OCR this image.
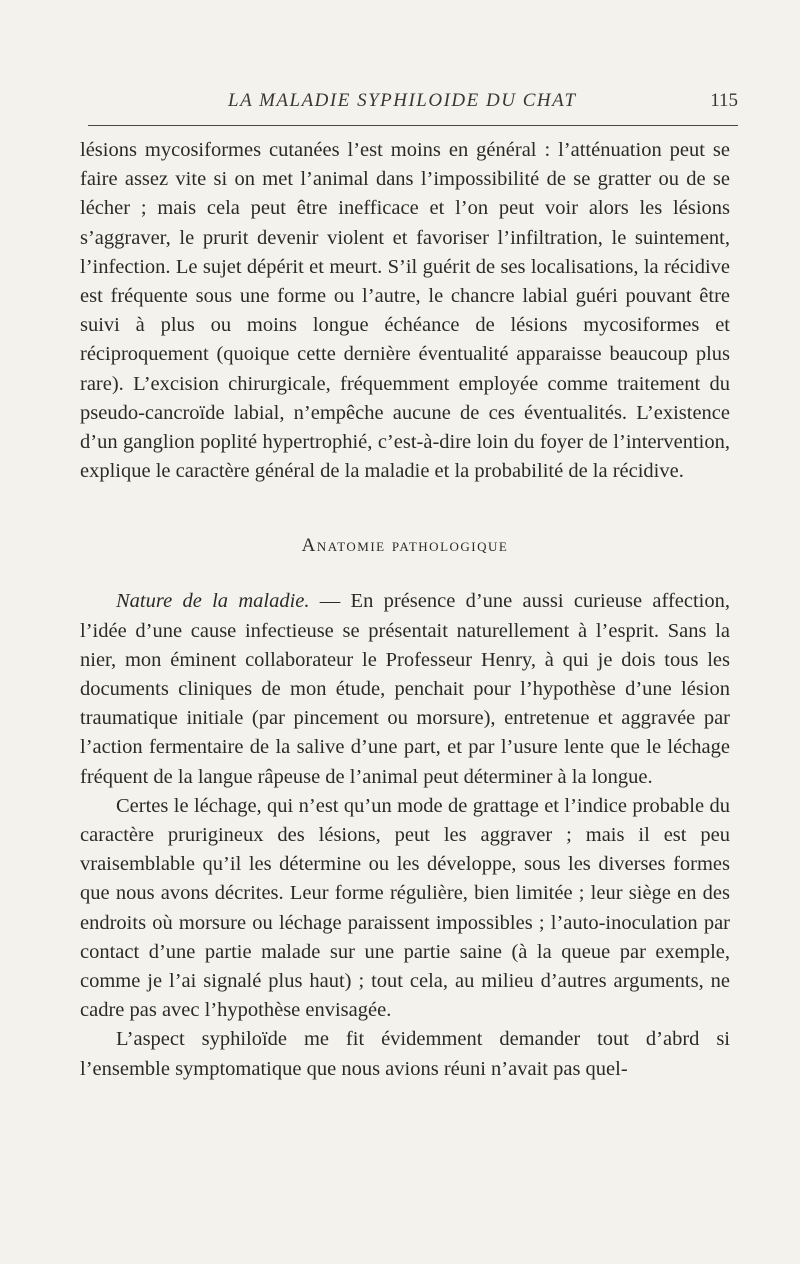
LA MALADIE SYPHILOIDE DU CHAT	115

lésions mycosiformes cutanées l’est moins en général : l’atténuation peut se faire assez vite si on met l’animal dans l’impossibilité de se gratter ou de se lécher ; mais cela peut être inefficace et l’on peut voir alors les lésions s’aggraver, le prurit devenir violent et favoriser l’infiltration, le suintement, l’infection. Le sujet dépérit et meurt. S’il guérit de ses localisations, la récidive est fréquente sous une forme ou l’autre, le chancre labial guéri pouvant être suivi à plus ou moins longue échéance de lésions mycosiformes et réciproquement (quoique cette dernière éventualité apparaisse beaucoup plus rare). L’excision chirurgicale, fréquemment employée comme traitement du pseudo-cancroïde labial, n’empêche aucune de ces éventualités. L’existence d’un ganglion poplité hypertrophié, c’est-à-dire loin du foyer de l’intervention, explique le caractère général de la maladie et la probabilité de la récidive.

Anatomie pathologique

Nature de la maladie. — En présence d’une aussi curieuse affection, l’idée d’une cause infectieuse se présentait naturellement à l’esprit. Sans la nier, mon éminent collaborateur le Professeur Henry, à qui je dois tous les documents cliniques de mon étude, penchait pour l’hypothèse d’une lésion traumatique initiale (par pincement ou morsure), entretenue et aggravée par l’action fermentaire de la salive d’une part, et par l’usure lente que le léchage fréquent de la langue râpeuse de l’animal peut déterminer à la longue.

Certes le léchage, qui n’est qu’un mode de grattage et l’indice probable du caractère prurigineux des lésions, peut les aggraver ; mais il est peu vraisemblable qu’il les détermine ou les développe, sous les diverses formes que nous avons décrites. Leur forme régulière, bien limitée ; leur siège en des endroits où morsure ou léchage paraissent impossibles ; l’auto-inoculation par contact d’une partie malade sur une partie saine (à la queue par exemple, comme je l’ai signalé plus haut) ; tout cela, au milieu d’autres arguments, ne cadre pas avec l’hypothèse envisagée.

L’aspect syphiloïde me fit évidemment demander tout d’abrd si l’ensemble symptomatique que nous avions réuni n’avait pas quel-
